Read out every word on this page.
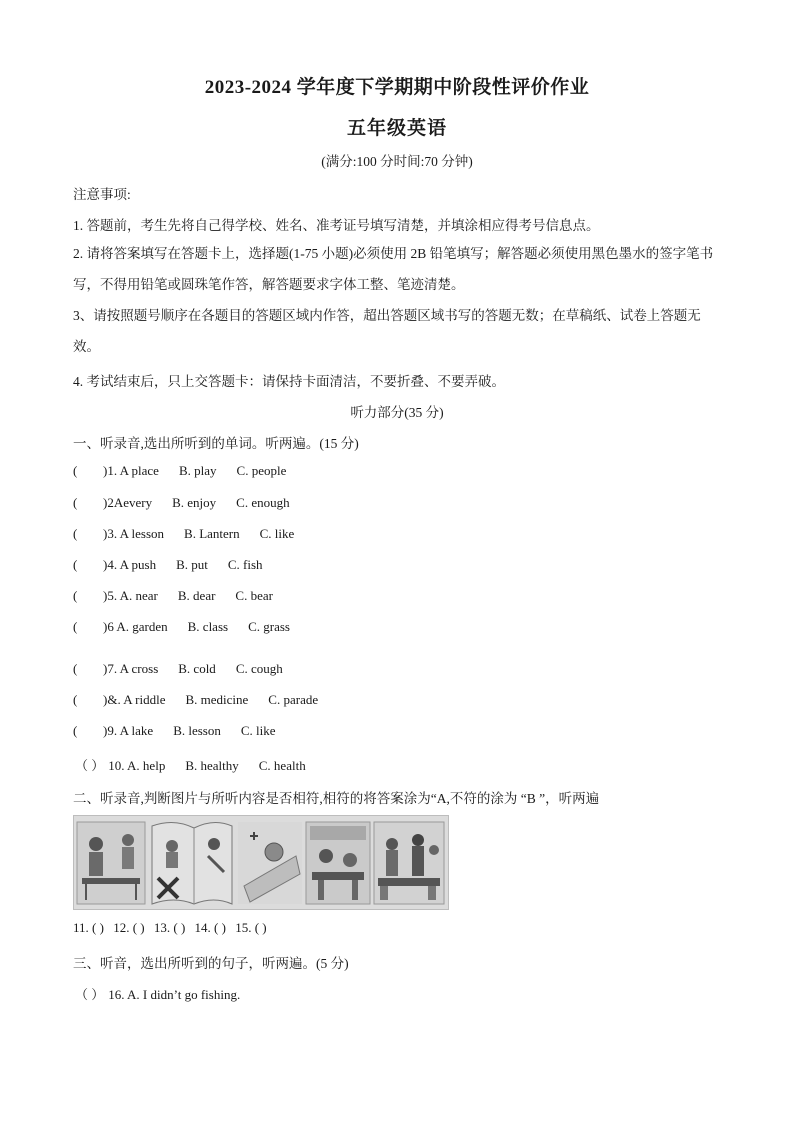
2023-2024 学年度下学期期中阶段性评价作业
五年级英语
(满分:100 分时间:70 分钟)
注意事项:
1. 答题前，考生先将自己得学校、姓名、准考证号填写清楚，并填涂相应得考号信息点。
2. 请将答案填写在答题卡上，选择题(1-75 小题)必须使用 2B 铅笔填写；解答题必须使用黑色墨水的签字笔书写，不得用铅笔或圆珠笔作答，解答题要求字体工整、笔迹清楚。
3、请按照题号顺序在各题目的答题区域内作答，超出答题区域书写的答题无数；在草稿纸、试卷上答题无效。
4. 考试结束后，只上交答题卡：请保持卡面清洁，不要折叠、不要弄破。
听力部分(35 分)
一、听录音,选出所听到的单词。听两遍。(15 分)
( )1. A place B. play C. people
( )2Aevery B. enjoy C. enough
( )3. A lesson B. Lantern C. like
( )4. A push B. put C. fish
( )5. A. near B. dear C. bear
( )6 A. garden B. class C. grass
( )7. A cross B. cold C. cough
( )&. A riddle B. medicine C. parade
( )9. A lake B. lesson C. like
（ ） 10. A. help B. healthy C. health
二、听录音,判断图片与所听内容是否相符,相符的将答案涂为“A,不符的涂为 “B ”，听两遍
11. ( ) 12. ( ) 13. ( ) 14. ( ) 15. ( )
三、听音，选出所听到的句子，听两遍。(5 分)
（ ） 16. A. I didn’t go fishing.
